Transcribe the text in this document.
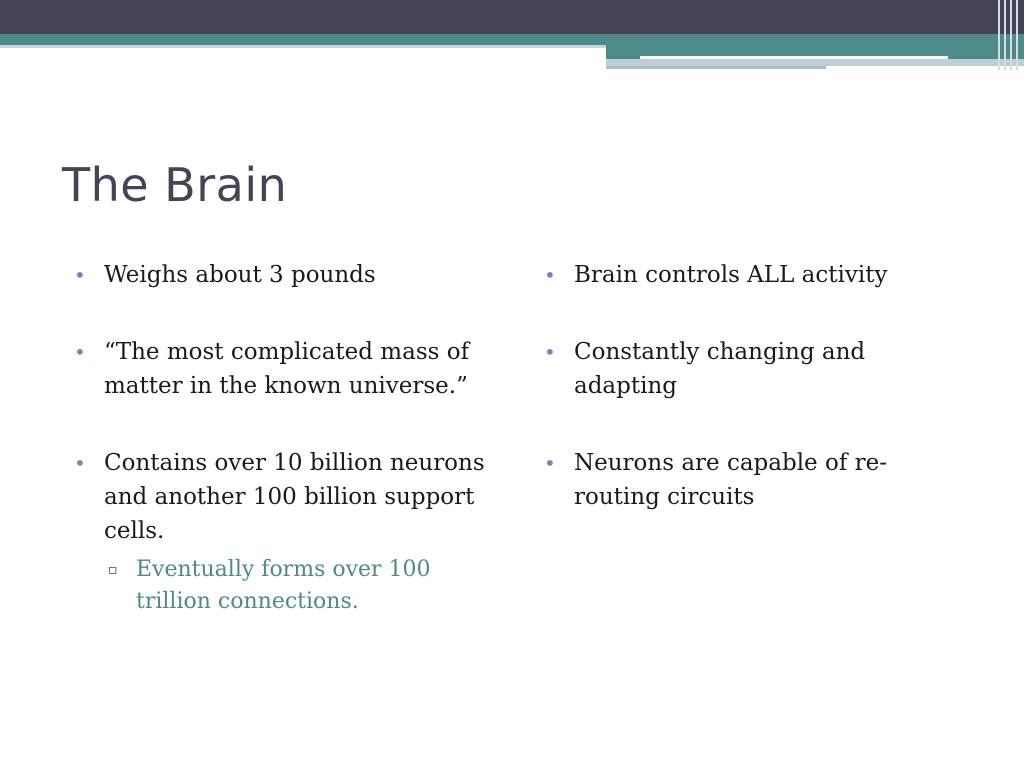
The Brain
• Weighs about 3 pounds
• “The most complicated mass of matter in the known universe.”
• Contains over 10 billion neurons and another 100 billion support cells.
▫ Eventually forms over 100 trillion connections.
• Brain controls ALL activity
• Constantly changing and adapting
• Neurons are capable of re-routing circuits
